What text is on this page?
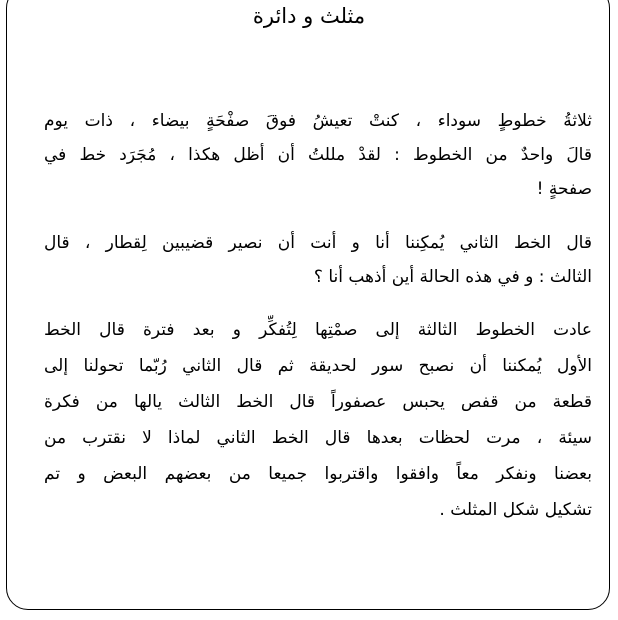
مثلث و دائرة
ثلاثةُ خطوطٍ سوداء ، كنتْ تعيشُ فوقَ صفْحَةٍ بيضاء ، ذات يوم
قالَ واحدٌ من الخطوط : لقدْ مللتُ أن أظل هكذا ، مُجَرَد خط في
صفحةٍ !
قال الخط الثاني يُمكِننا أنا و أنت أن نصير قضيبين لِقطار ، قال
الثالث : و في هذه الحالة أين أذهب أنا ؟
عادت الخطوط الثالثة إلى صمْتِها لِتُفكِّر و بعد فترة قال الخط
الأول يُمكننا أن نصبح سور لحديقة ثم قال الثاني رُبّما تحولنا إلى
قطعة من قفص يحبس عصفوراً قال الخط الثالث يالها من فكرة
سيئة ، مرت لحظات بعدها قال الخط الثاني لماذا لا نقترب من
بعضنا ونفكر معاً وافقوا واقتربوا جميعا من بعضهم البعض و تم
تشكيل شكل المثلث .
